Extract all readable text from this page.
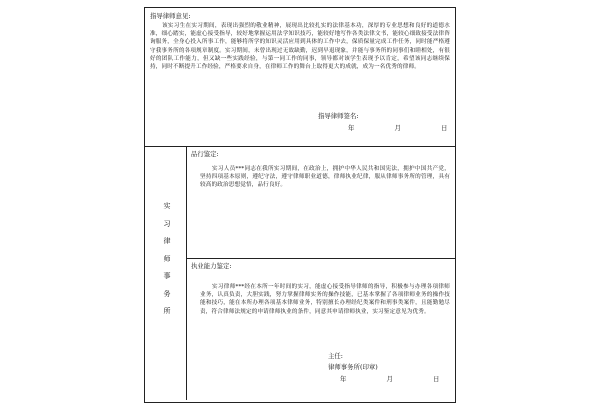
指导律师意见:
该实习生在实习期间，表现出强烈的敬业精神，展现出比较扎实的法律基本功，深厚的专业思想和良好的道德水准，细心踏实，能虚心接受指导，较好地掌握运用法学知识技巧，能较好地写作各类法律文书，能较心细致接受法律咨询服务，全身心投入所事工作，能够将所学的知识灵活应用到具体的工作中去，保质保量完成工作任务，同时能严格遵守我事务所的各项规章制度。实习期间，未曾出现过无故缺勤，迟到早退现象，并能与事务所的同事们和睦相处，有很好的团队工作能力，但又缺一些实践经验，与第一同工作的同事，领导都对该学生表现予以肯定，希望该同志继续保持，同时不断提升工作经验，严格要求自身，在律师工作的舞台上取得更大的成就，成为一名优秀的律师。
指导律师签名:
年    月    日
实
习
律
师
事
务
所
品行鉴定:
实习人员***同志在我所实习期间，在政治上，拥护中华人民共和国宪法，拥护中国共产党，坚持四项基本原则，遵纪守法，遵守律师职业道德，律师执业纪律，服从律师事务所的管理，具有较高的政治思想觉悟，品行良好。
执业能力鉴定:
实习律师***经在本所一年时间的实习，能虚心接受指导律师的指导，积极参与办理各项律师业务，认真负责，大胆实践，努力掌握律师实务的操作技能，已基本掌握了各项律师业务的操作技能和技巧，能在本所办理各项基本律师业务，特别擅长办理经纪类案件和刑事类案件，且能勤勉尽责，符合律师法规定的申请律师执业的条件，同意其申请律师执业，实习鉴定意见为优秀。
主任:
律师事务所(印章)
年    月    日
